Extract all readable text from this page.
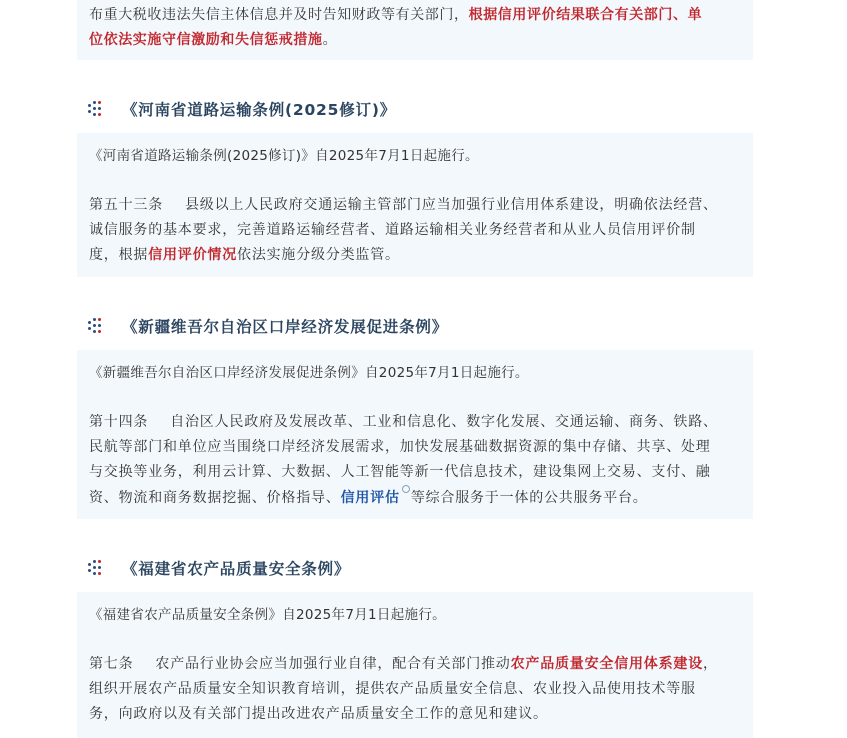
布重大税收违法失信主体信息并及时告知财政等有关部门，根据信用评价结果联合有关部门、单

位依法实施守信激励和失信惩戒措施。

《河南省道路运输条例(2025修订)》

《河南省道路运输条例(2025修订)》自2025年7月1日起施行。

第五十三条 县级以上人民政府交通运输主管部门应当加强行业信用体系建设，明确依法经营、

诚信服务的基本要求，完善道路运输经营者、道路运输相关业务经营者和从业人员信用评价制

度，根据信用评价情况依法实施分级分类监管。

《新疆维吾尔自治区口岸经济发展促进条例》

《新疆维吾尔自治区口岸经济发展促进条例》自2025年7月1日起施行。

第十四条 自治区人民政府及发展改革、工业和信息化、数字化发展、交通运输、商务、铁路、

民航等部门和单位应当围绕口岸经济发展需求，加快发展基础数据资源的集中存储、共享、处理

与交换等业务，利用云计算、大数据、人工智能等新一代信息技术，建设集网上交易、支付、融

资、物流和商务数据挖掘、价格指导、信用评估 等综合服务于一体的公共服务平台。

《福建省农产品质量安全条例》

《福建省农产品质量安全条例》自2025年7月1日起施行。

第七条 农产品行业协会应当加强行业自律，配合有关部门推动农产品质量安全信用体系建设，

组织开展农产品质量安全知识教育培训，提供农产品质量安全信息、农业投入品使用技术等服

务，向政府以及有关部门提出改进农产品质量安全工作的意见和建议。
